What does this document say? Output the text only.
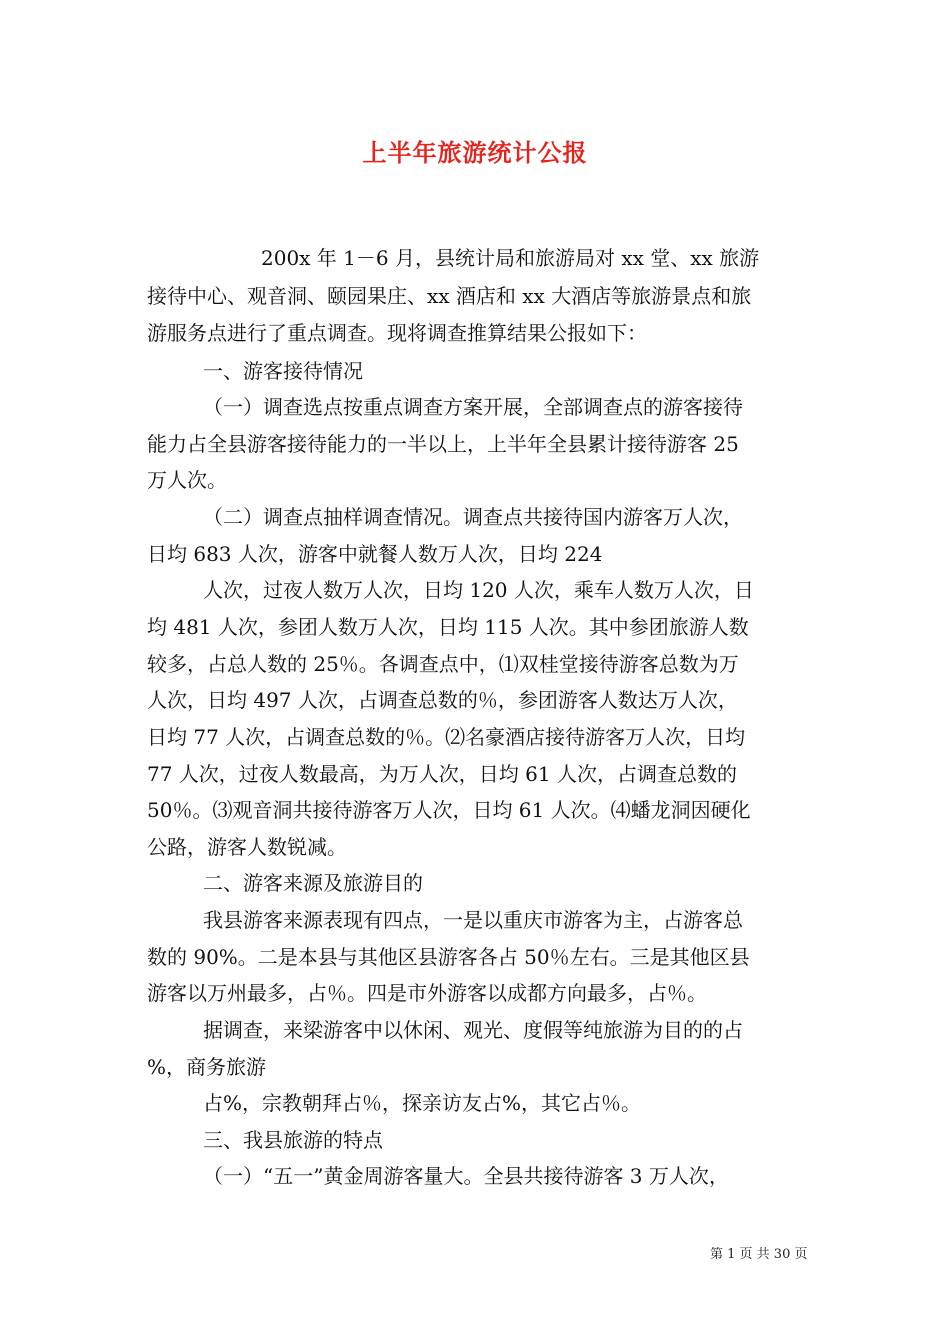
上半年旅游统计公报
200x 年 1－6 月，县统计局和旅游局对 xx 堂、xx 旅游
接待中心、观音洞、颐园果庄、xx 酒店和 xx 大酒店等旅游景点和旅
游服务点进行了重点调查。现将调查推算结果公报如下：
一、游客接待情况
（一）调查选点按重点调查方案开展，全部调查点的游客接待
能力占全县游客接待能力的一半以上，上半年全县累计接待游客 25
万人次。
（二）调查点抽样调查情况。调查点共接待国内游客万人次，
日均 683 人次，游客中就餐人数万人次，日均 224
人次，过夜人数万人次，日均 120 人次，乘车人数万人次，日
均 481 人次，参团人数万人次，日均 115 人次。其中参团旅游人数
较多，占总人数的 25％。各调查点中，⑴双桂堂接待游客总数为万
人次，日均 497 人次，占调查总数的％，参团游客人数达万人次，
日均 77 人次，占调查总数的％。⑵名豪酒店接待游客万人次，日均
77 人次，过夜人数最高，为万人次，日均 61 人次，占调查总数的
50％。⑶观音洞共接待游客万人次，日均 61 人次。⑷蟠龙洞因硬化
公路，游客人数锐减。
二、游客来源及旅游目的
我县游客来源表现有四点，一是以重庆市游客为主，占游客总
数的 90%。二是本县与其他区县游客各占 50％左右。三是其他区县
游客以万州最多，占％。四是市外游客以成都方向最多，占％。
据调查，来梁游客中以休闲、观光、度假等纯旅游为目的的占
%，商务旅游
占%，宗教朝拜占％，探亲访友占%，其它占％。
三、我县旅游的特点
（一）“五一”黄金周游客量大。全县共接待游客 3 万人次，
第 1 页 共 30 页
